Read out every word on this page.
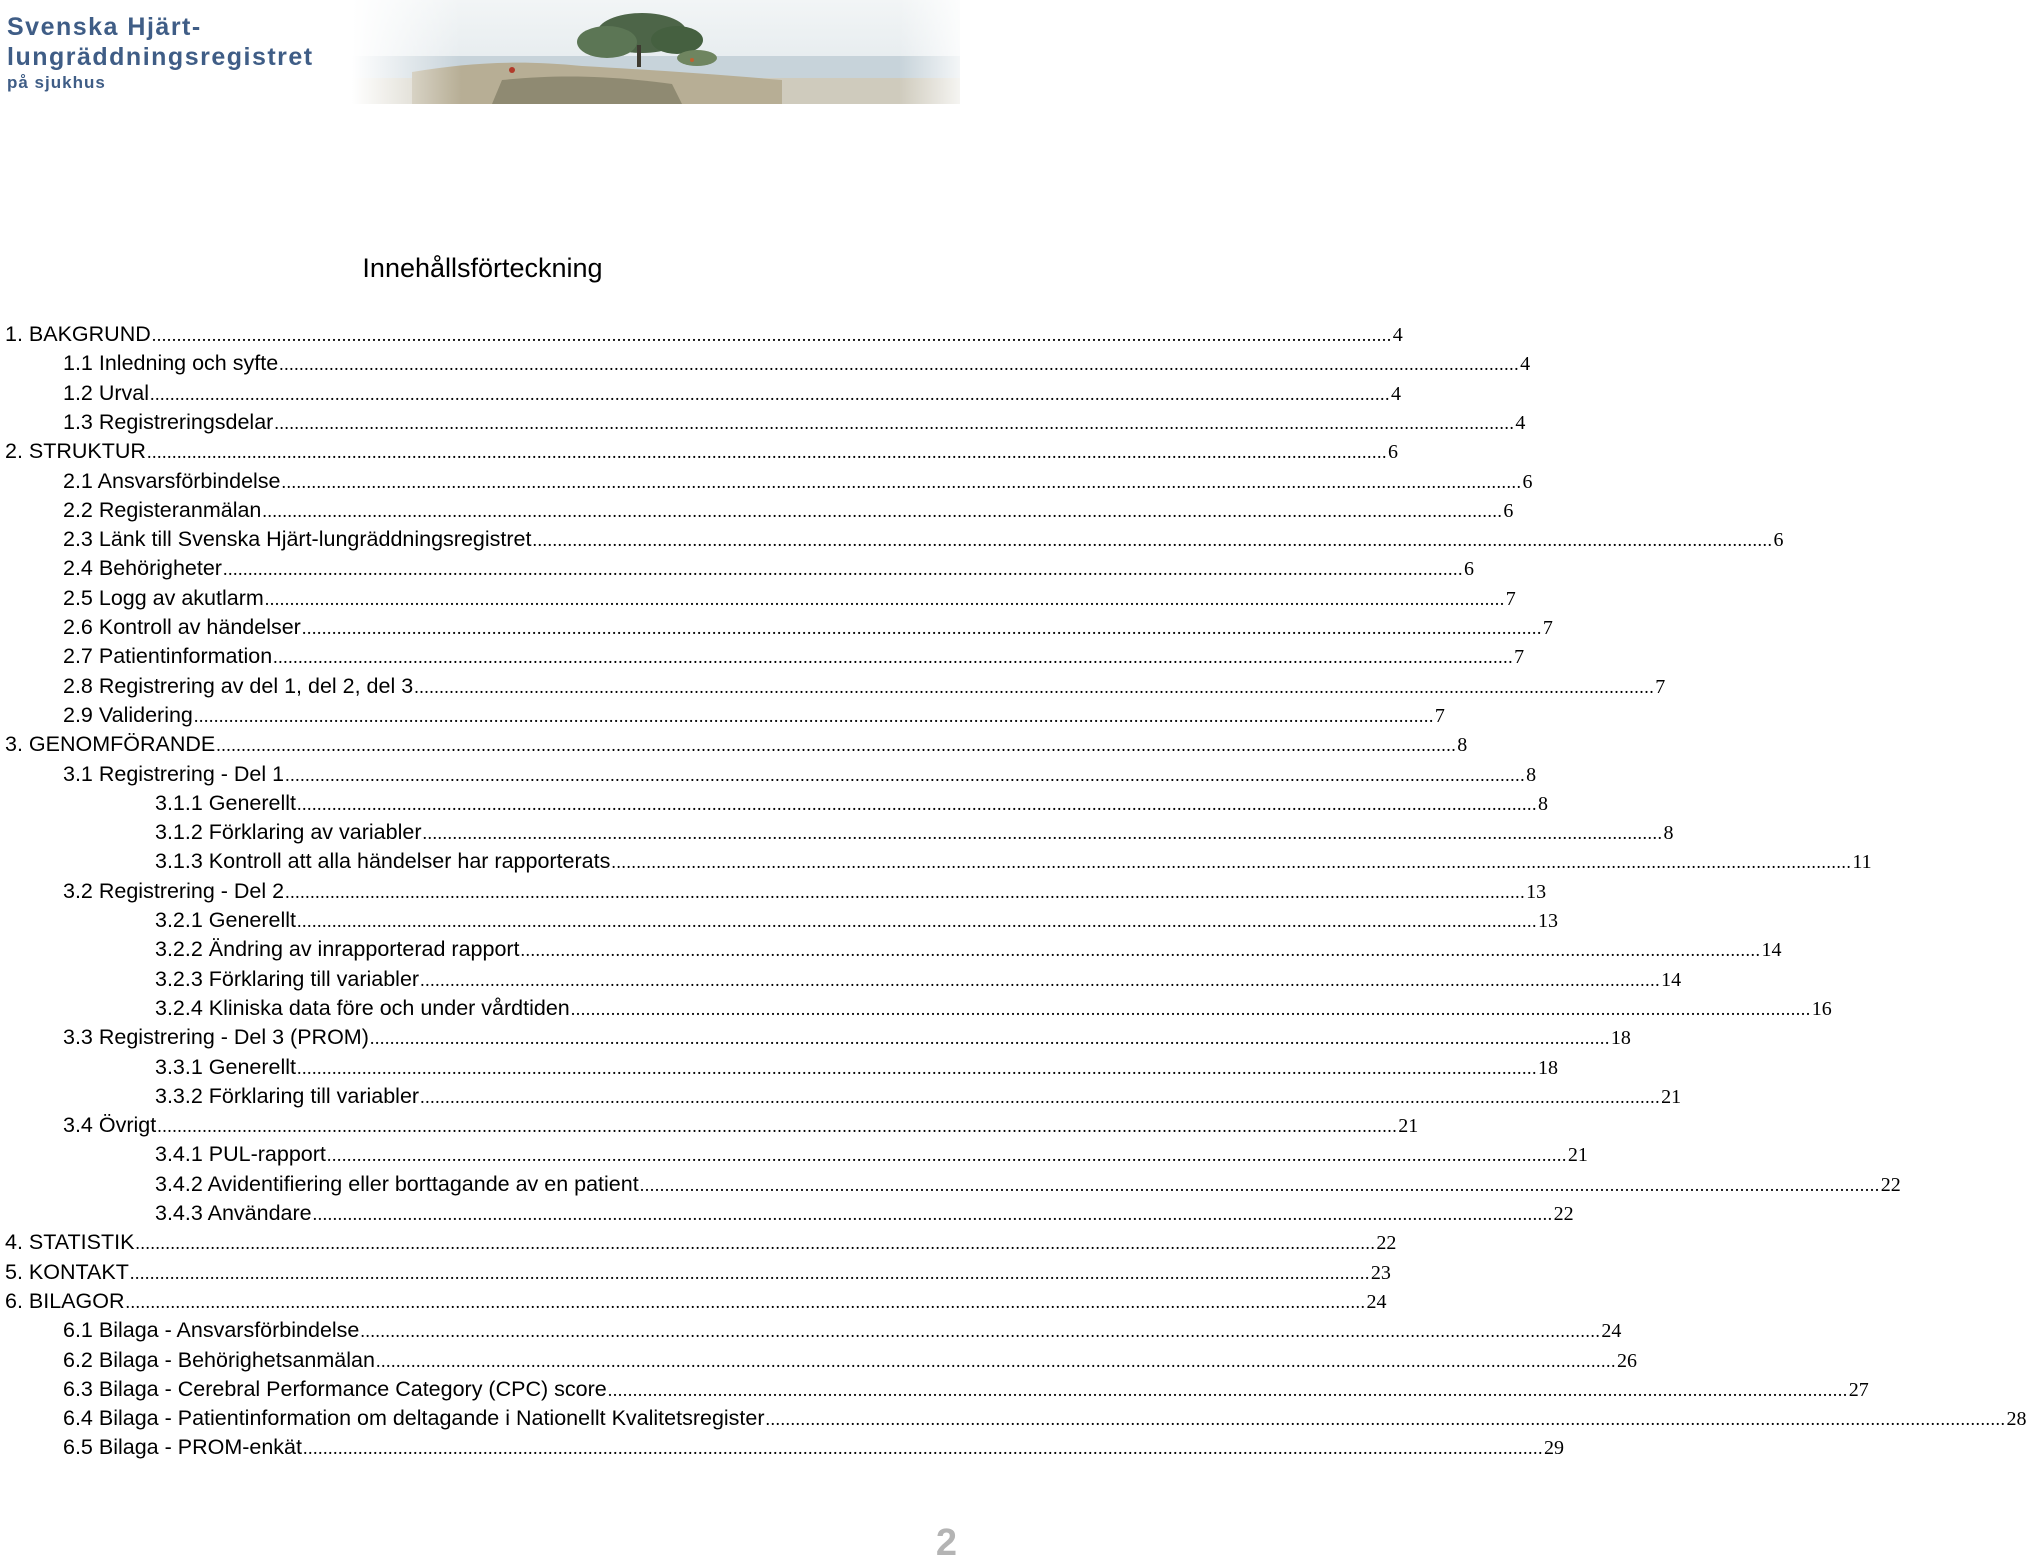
Svenska Hjärt-
lungräddningsregistret
på sjukhus
Innehållsförteckning
1. BAKGRUND .....	4
1.1 Inledning och syfte .....	4
1.2 Urval .....	4
1.3 Registreringsdelar .....	4
2. STRUKTUR .....	6
2.1 Ansvarsförbindelse .....	6
2.2 Registeranmälan .....	6
2.3 Länk till Svenska Hjärt-lungräddningsregistret .....	6
2.4 Behörigheter .....	6
2.5 Logg av akutlarm .....	7
2.6 Kontroll av händelser .....	7
2.7 Patientinformation .....	7
2.8 Registrering av del 1, del 2, del 3 .....	7
2.9 Validering .....	7
3. GENOMFÖRANDE .....	8
3.1 Registrering - Del 1 .....	8
3.1.1 Generellt .....	8
3.1.2 Förklaring av variabler .....	8
3.1.3 Kontroll att alla händelser har rapporterats .....	11
3.2 Registrering - Del 2 .....	13
3.2.1 Generellt .....	13
3.2.2 Ändring av inrapporterad rapport .....	14
3.2.3 Förklaring till variabler .....	14
3.2.4 Kliniska data före och under vårdtiden .....	16
3.3 Registrering - Del 3 (PROM) .....	18
3.3.1 Generellt .....	18
3.3.2 Förklaring till variabler .....	21
3.4 Övrigt .....	21
3.4.1 PUL-rapport .....	21
3.4.2 Avidentifiering eller borttagande av en patient .....	22
3.4.3 Användare .....	22
4. STATISTIK .....	22
5. KONTAKT .....	23
6. BILAGOR .....	24
6.1 Bilaga - Ansvarsförbindelse .....	24
6.2 Bilaga - Behörighetsanmälan .....	26
6.3 Bilaga - Cerebral Performance Category (CPC) score .....	27
6.4 Bilaga - Patientinformation om deltagande i Nationellt Kvalitetsregister .....	28
6.5 Bilaga - PROM-enkät .....	29
2
